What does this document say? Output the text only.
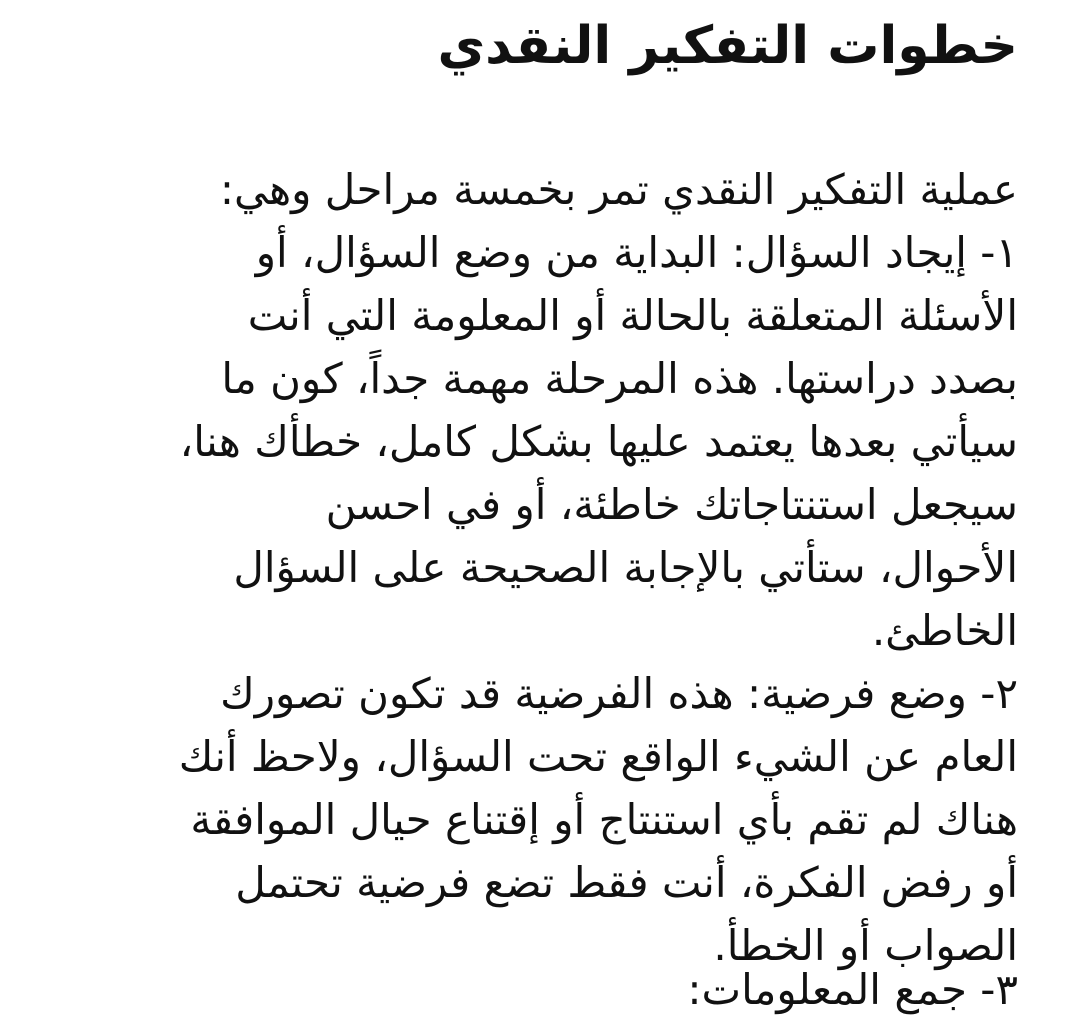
خطوات التفكير النقدي
عملية التفكير النقدي تمر بخمسة مراحل وهي:
١- إيجاد السؤال: البداية من وضع السؤال، أو
الأسئلة المتعلقة بالحالة أو المعلومة التي أنت
بصدد دراستها. هذه المرحلة مهمة جداً، كون ما
سيأتي بعدها يعتمد عليها بشكل كامل، خطأك هنا،
سيجعل استنتاجاتك خاطئة، أو في احسن
الأحوال، ستأتي بالإجابة الصحيحة على السؤال
الخاطئ.
٢- وضع فرضية: هذه الفرضية قد تكون تصورك
العام عن الشيء الواقع تحت السؤال، ولاحظ أنك
هناك لم تقم بأي استنتاج أو إقتناع حيال الموافقة
أو رفض الفكرة، أنت فقط تضع فرضية تحتمل
الصواب أو الخطأ.
٣- جمع المعلومات:
